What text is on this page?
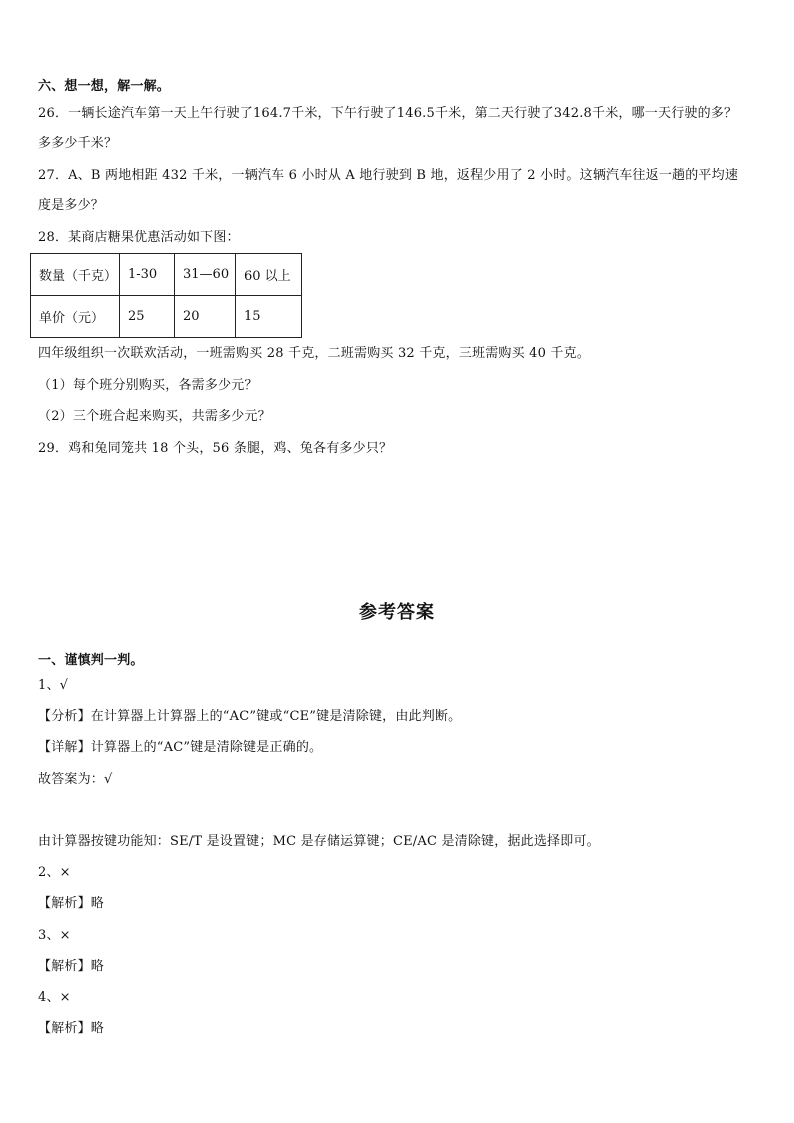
六、想一想，解一解。
26．一辆长途汽车第一天上午行驶了164.7千米，下午行驶了146.5千米，第二天行驶了342.8千米，哪一天行驶的多？
多多少千米？
27．A、B 两地相距 432 千米，一辆汽车 6 小时从 A 地行驶到 B 地，返程少用了 2 小时。这辆汽车往返一趟的平均速
度是多少？
28．某商店糖果优惠活动如下图：
数量（千克）	1-30	31—60	60 以上
单价（元）	25	20	15
四年级组织一次联欢活动，一班需购买 28 千克，二班需购买 32 千克，三班需购买 40 千克。
（1）每个班分别购买，各需多少元？
（2）三个班合起来购买，共需多少元？
29．鸡和兔同笼共 18 个头，56 条腿，鸡、兔各有多少只？
参考答案
一、谨慎判一判。
1、√
【分析】在计算器上计算器上的“AC”键或“CE”键是清除键，由此判断。
【详解】计算器上的“AC”键是清除键是正确的。
故答案为：√
由计算器按键功能知：SE/T 是设置键；MC 是存储运算键；CE/AC 是清除键，据此选择即可。
2、×
【解析】略
3、×
【解析】略
4、×
【解析】略
